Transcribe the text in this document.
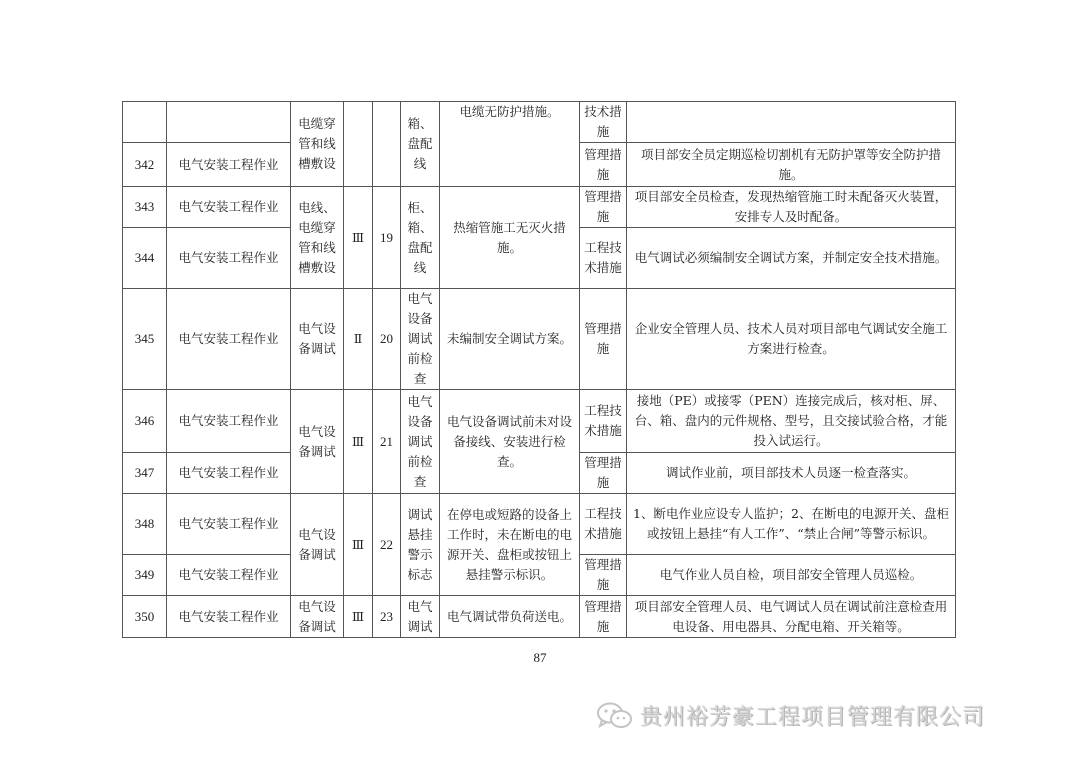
		电缆穿管和线槽敷设			箱、盘配线	电缆无防护措施。	技术措施	
342	电气安装工程作业						管理措施	项目部安全员定期巡检切割机有无防护罩等安全防护措施。
343	电气安装工程作业	电线、电缆穿管和线槽敷设	Ⅲ	19	柜、箱、盘配线	热缩管施工无灭火措施。	管理措施	项目部安全员检查，发现热缩管施工时未配备灭火装置，安排专人及时配备。
344	电气安装工程作业						工程技术措施	电气调试必须编制安全调试方案，并制定安全技术措施。
345	电气安装工程作业	电气设备调试	Ⅱ	20	电气设备调试前检查	未编制安全调试方案。	管理措施	企业安全管理人员、技术人员对项目部电气调试安全施工方案进行检查。
346	电气安装工程作业	电气设备调试	Ⅲ	21	电气设备调试前检查	电气设备调试前未对设备接线、安装进行检查。	工程技术措施	接地（PE）或接零（PEN）连接完成后，核对柜、屏、台、箱、盘内的元件规格、型号，且交接试验合格，才能投入试运行。
347	电气安装工程作业						管理措施	调试作业前，项目部技术人员逐一检查落实。
348	电气安装工程作业	电气设备调试	Ⅲ	22	调试悬挂警示标志	在停电或短路的设备上工作时，未在断电的电源开关、盘柜或按钮上悬挂警示标识。	工程技术措施	1、断电作业应设专人监护；2、在断电的电源开关、盘柜或按钮上悬挂“有人工作”、“禁止合闸”等警示标识。
349	电气安装工程作业						管理措施	电气作业人员自检，项目部安全管理人员巡检。
350	电气安装工程作业	电气设备调试	Ⅲ	23	电气调试	电气调试带负荷送电。	管理措施	项目部安全管理人员、电气调试人员在调试前注意检查用电设备、用电器具、分配电箱、开关箱等。
87
贵州裕芳豪工程项目管理有限公司
